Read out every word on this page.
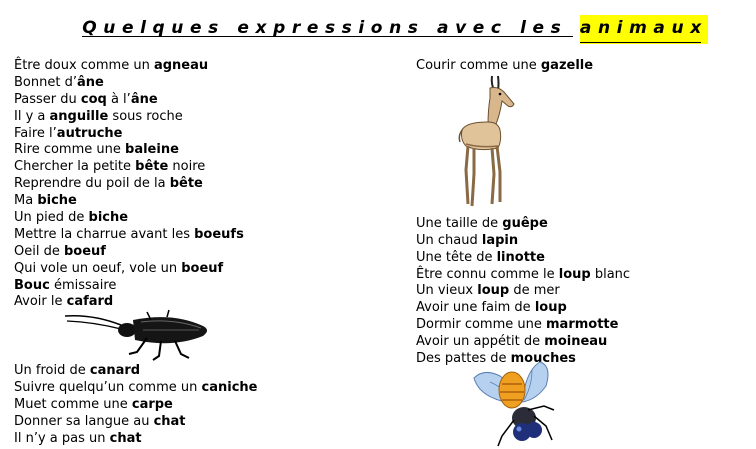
Quelques expressions avec les animaux
Être doux comme un agneau
Bonnet d’âne
Passer du coq à l’âne
Il y a anguille sous roche
Faire l’autruche
Rire comme une baleine
Chercher la petite bête noire
Reprendre du poil de la bête
Ma biche
Un pied de biche
Mettre la charrue avant les boeufs
Oeil de boeuf
Qui vole un oeuf, vole un boeuf
Bouc émissaire
Avoir le cafard
Un froid de canard
Suivre quelqu’un comme un caniche
Muet comme une carpe
Donner sa langue au chat
Il n’y a pas un chat
Courir comme une gazelle
Une taille de guêpe
Un chaud lapin
Une tête de linotte
Être connu comme le loup blanc
Un vieux loup de mer
Avoir une faim de loup
Dormir comme une marmotte
Avoir un appétit de moineau
Des pattes de mouches
